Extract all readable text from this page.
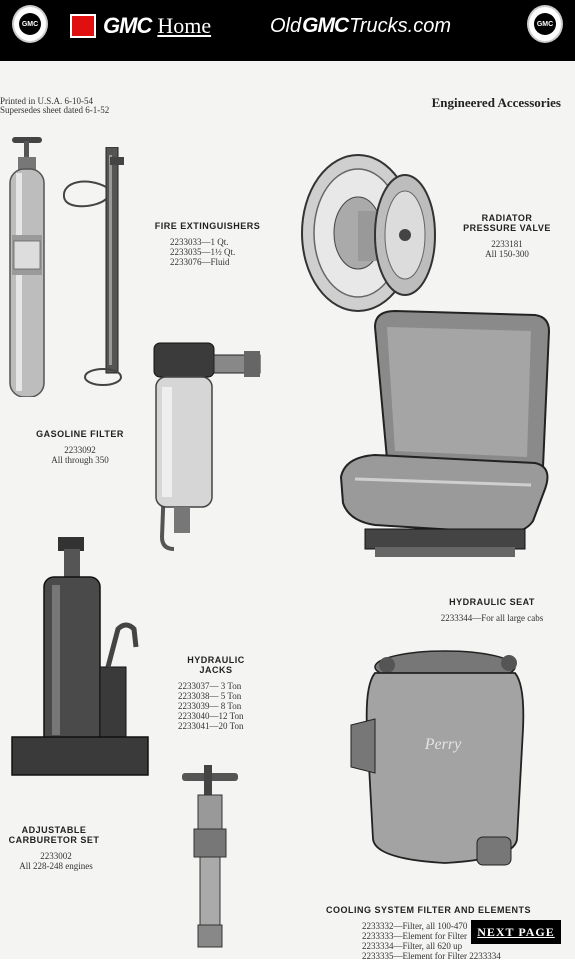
GMC	GMC Home	OldGMCTrucks.com	GMC
Printed in U.S.A. 6-10-54
Supersedes sheet dated 6-1-52	Engineered Accessories
FIRE EXTINGUISHERS
2233033—1 Qt.
2233035—1½ Qt.
2233076—Fluid
RADIATOR
PRESSURE VALVE
2233181
All 150-300
GASOLINE FILTER
2233092
All through 350
HYDRAULIC SEAT
2233344—For all large cabs
HYDRAULIC
JACKS
2233037— 3 Ton
2233038— 5 Ton
2233039— 8 Ton
2233040—12 Ton
2233041—20 Ton
Perry
ADJUSTABLE
CARBURETOR SET
2233002
All 228-248 engines
COOLING SYSTEM FILTER AND ELEMENTS
2233332—Filter, all 100-470
2233333—Element for Filter
2233334—Filter, all 620 up
2233335—Element for Filter 2233334
NEXT PAGE
